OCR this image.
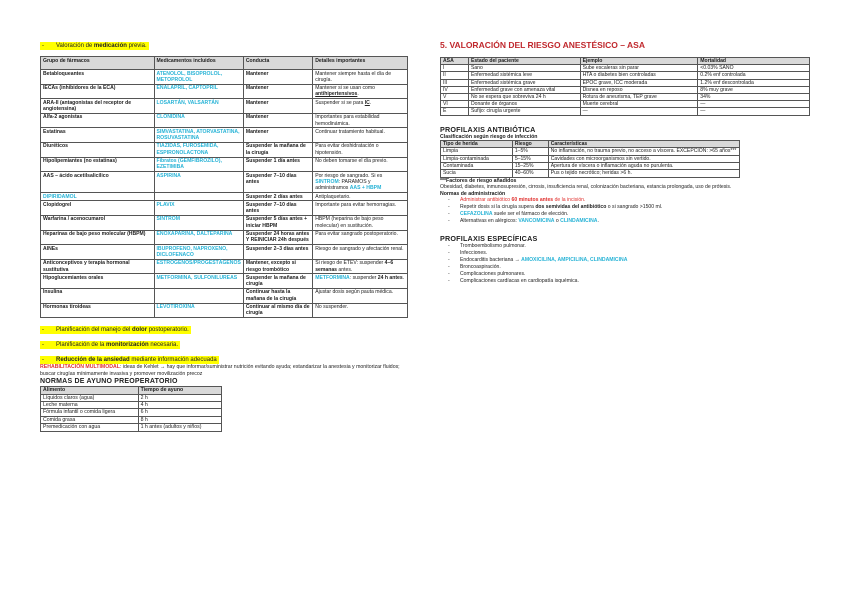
- Valoración de medicación previa.
Grupo de fármacos	Medicamentos incluidos	Conducta	Detalles importantes
Betabloqueantes	ATENOLOL, BISOPROLOL, METOPROLOL	Mantener	Mantener siempre hasta el día de cirugía.
IECAs (inhibidores de la ECA)	ENALAPRIL, CAPTOPRIL	Mantener	Mantener si se usan como antihipertensivos.
ARA-II (antagonistas del receptor de angiotensina)	LOSARTÁN, VALSARTÁN	Mantener	Suspender si se para IC.
Alfa-2 agonistas	CLONIDINA	Mantener	Importantes para estabilidad hemodinámica.
Estatinas	SIMVASTATINA, ATORVASTATINA, ROSUVASTATINA	Mantener	Continuar tratamiento habitual.
Diuréticos	TIAZIDAS, FUROSEMIDA, ESPIRONOLACTONA	Suspender la mañana de la cirugía	Para evitar deshidratación o hipotensión.
Hipolipemiantes (no estatinas)	Fibratos (GEMFIBROZILO), EZETIMIBA	Suspender 1 día antes	No deben tomarse el día previo.
AAS – ácido acetilsalicílico	ASPIRINA	Suspender 7–10 días antes	Por riesgo de sangrado. Si es SINTROM: PARAMOS y administramos AAS + HBPM
DIPIRIDAMOL		Suspender 2 días antes	Antiplaquetario.
Clopidogrel	PLAVIX	Suspender 7–10 días antes	Importante para evitar hemorragias.
Warfarina / acenocumarol	SINTROM	Suspender 5 días antes + iniciar HBPM	HBPM (heparina de bajo peso molecular) en sustitución.
Heparinas de bajo peso molecular (HBPM)	ENOXAPARINA, DALTEPARINA	Suspender 24 horas antes Y REINICIAR 24h después	Para evitar sangrado postoperatorio.
AINEs	IBUPROFENO, NAPROXENO, DICLOFENACO	Suspender 2–3 días antes	Riesgo de sangrado y afectación renal.
Anticonceptivos y terapia hormonal sustitutiva	ESTRÓGENOS/PROGESTÁGENOS	Mantener, excepto si riesgo trombótico	Si riesgo de ETEV: suspender 4–6 semanas antes.
Hipoglucemiantes orales	METFORMINA, SULFONILUREAS	Suspender la mañana de cirugía	METFORMINA: suspender 24 h antes.
Insulina		Continuar hasta la mañana de la cirugía	Ajustar dosis según pauta médica.
Hormonas tiroideas	LEVOTIROXINA	Continuar al mismo día de cirugía	No suspender.
- Planificación del manejo del dolor postoperatorio.
- Planificación de la monitorización necesaria.
- Reducción de la ansiedad mediante información adecuada
REHABILITACIÓN MULTIMODAL: ideas de Kehlet → hay que informar/suministrar nutrición evitando ayuda; estandarizar la anestesia y monitorizar fluidos; buscar cirugías mínimamente invasiva y promover movilización precoz
NORMAS DE AYUNO PREOPERATORIO
Alimento	Tiempo de ayuno
Líquidos claros (agua)	2 h
Leche materna	4 h
Fórmula infantil o comida ligera	6 h
Comida grasa	8 h
Premedicación con agua	1 h antes (adultos y niños)
5. VALORACIÓN DEL RIESGO ANESTÉSICO – ASA
ASA	Estado del paciente	Ejemplo	Mortalidad
I	Sano	Sube escaleras sin parar	<0.03% SANO
II	Enfermedad sistémica leve	HTA o diabetes bien controladas	0.2% enf controlada
III	Enfermedad sistémica grave	EPOC grave, ICC moderada	1.2% enf descontrolada
IV	Enfermedad grave con amenaza vital	Disnea en reposo	8% muy grave
V	No se espera que sobreviva 24 h	Rotura de aneurisma, TEP grave	34%
VI	Donante de órganos	Muerte cerebral	—
E	Sufijo: cirugía urgente	—	—
PROFILAXIS ANTIBIÓTICA
Clasificación según riesgo de infección
Tipo de herida	Riesgo	Características
Limpia	1–5%	No inflamación, no trauma previo, no acceso a víscera. EXCEPCIÓN: >65 años***
Limpia-contaminada	5–15%	Cavidades con microorganismos sin vertido.
Contaminada	15–25%	Apertura de víscera o inflamación aguda no purulenta.
Sucia	40–60%	Pus o tejido necrótico; heridas >6 h.
***Factores de riesgo añadidos
Obesidad, diabetes, inmunosupresión, cirrosis, insuficiencia renal, colonización bacteriana, estancia prolongada, uso de prótesis.
Normas de administración
- Administrar antibiótico 60 minutos antes de la incisión.
- Repetir dosis si la cirugía supera dos semividas del antibiótico o si sangrado >1500 ml.
- CEFAZOLINA suele ser el fármaco de elección.
- Alternativas en alérgicos: VANCOMICINA o CLINDAMICINA.
PROFILAXIS ESPECÍFICAS
- Tromboembolismo pulmonar.
- Infecciones.
- Endocarditis bacteriana → AMOXICILINA, AMPICILINA, CLINDAMICINA
- Broncoaspiración.
- Complicaciones pulmonares.
- Complicaciones cardíacas en cardiopatía isquémica.
